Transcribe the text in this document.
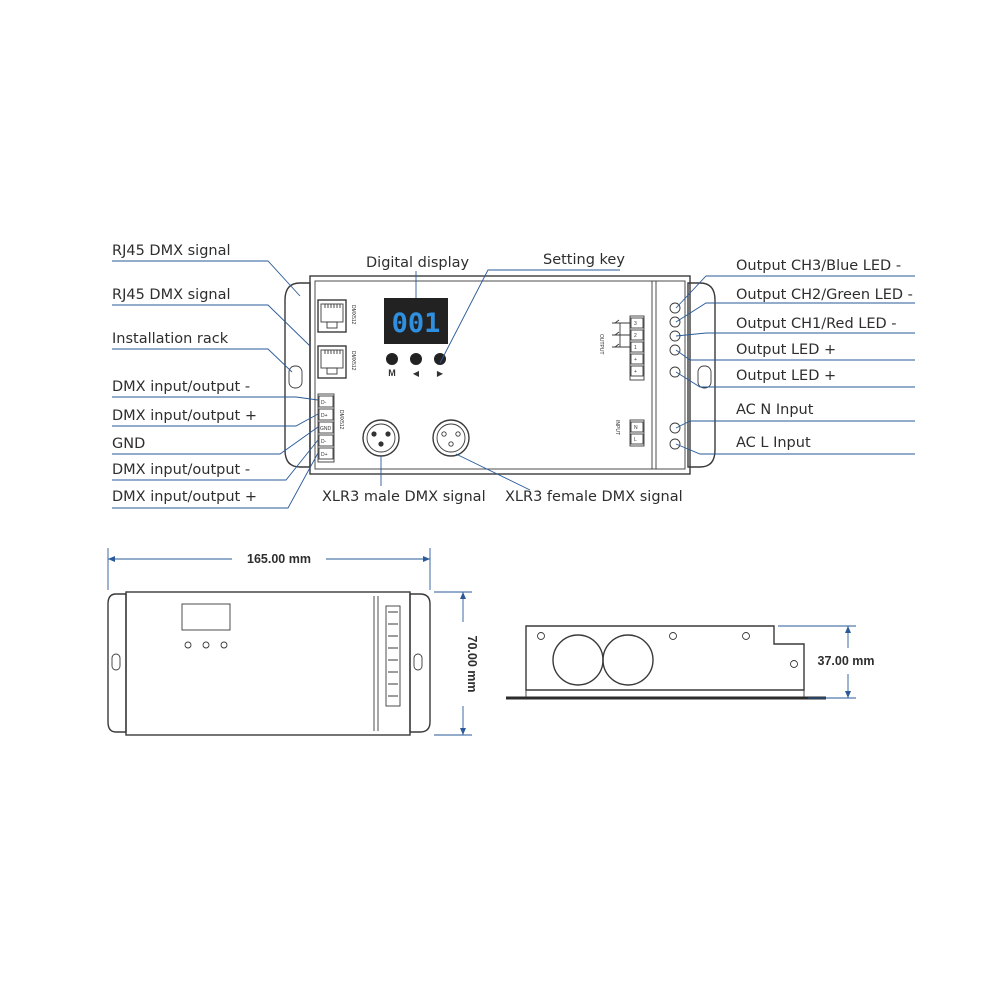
DMX512
DMX512
001
M ◀ ▶
D-
D+
GND
D-
D+
DMX512
3
2
1
+
+
OUTPUT
N
L
INPUT
RJ45 DMX signal
RJ45 DMX signal
Installation rack
DMX input/output -
DMX input/output +
GND
DMX input/output -
DMX input/output +
Digital display	Setting key
XLR3 male DMX signal XLR3 female DMX signal
Output CH3/Blue LED -
Output CH2/Green LED -
Output CH1/Red LED -
Output LED +
Output LED +
AC N Input
AC L Input
165.00 mm
70.00 mm	37.00 mm
